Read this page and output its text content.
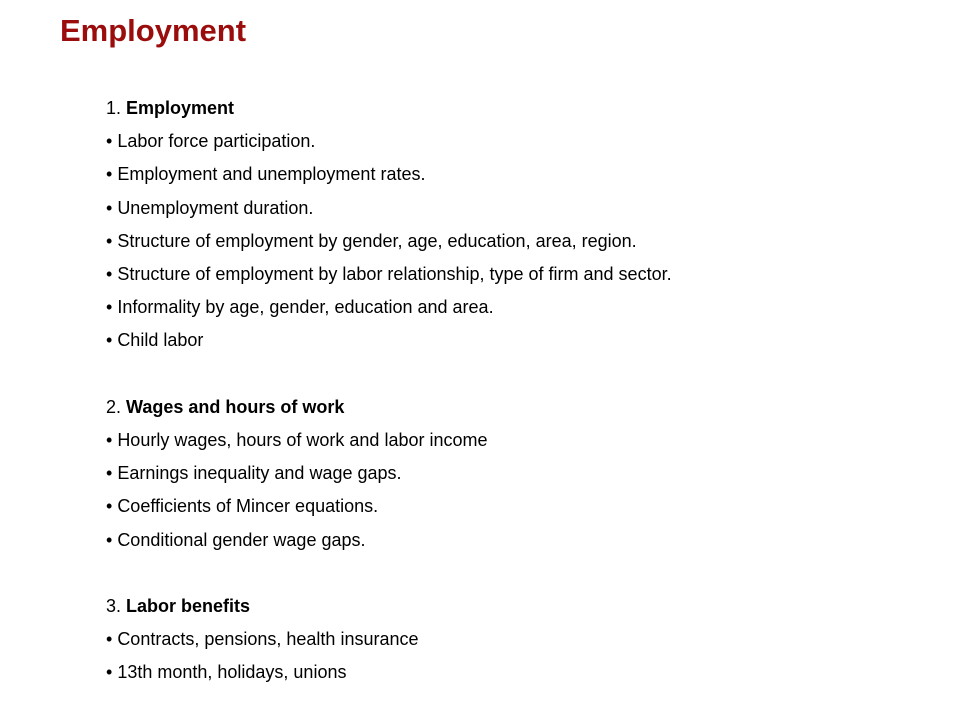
Employment

1. Employment

• Labor force participation.
• Employment and unemployment rates.
• Unemployment duration.
• Structure of employment by gender, age, education, area, region.
• Structure of employment by labor relationship, type of firm and sector.
• Informality by age, gender, education and area.
• Child labor

2. Wages and hours of work

• Hourly wages, hours of work and labor income
• Earnings inequality and wage gaps.
• Coefficients of Mincer equations.
• Conditional gender wage gaps.

3. Labor benefits

• Contracts, pensions, health insurance
• 13th month, holidays, unions
